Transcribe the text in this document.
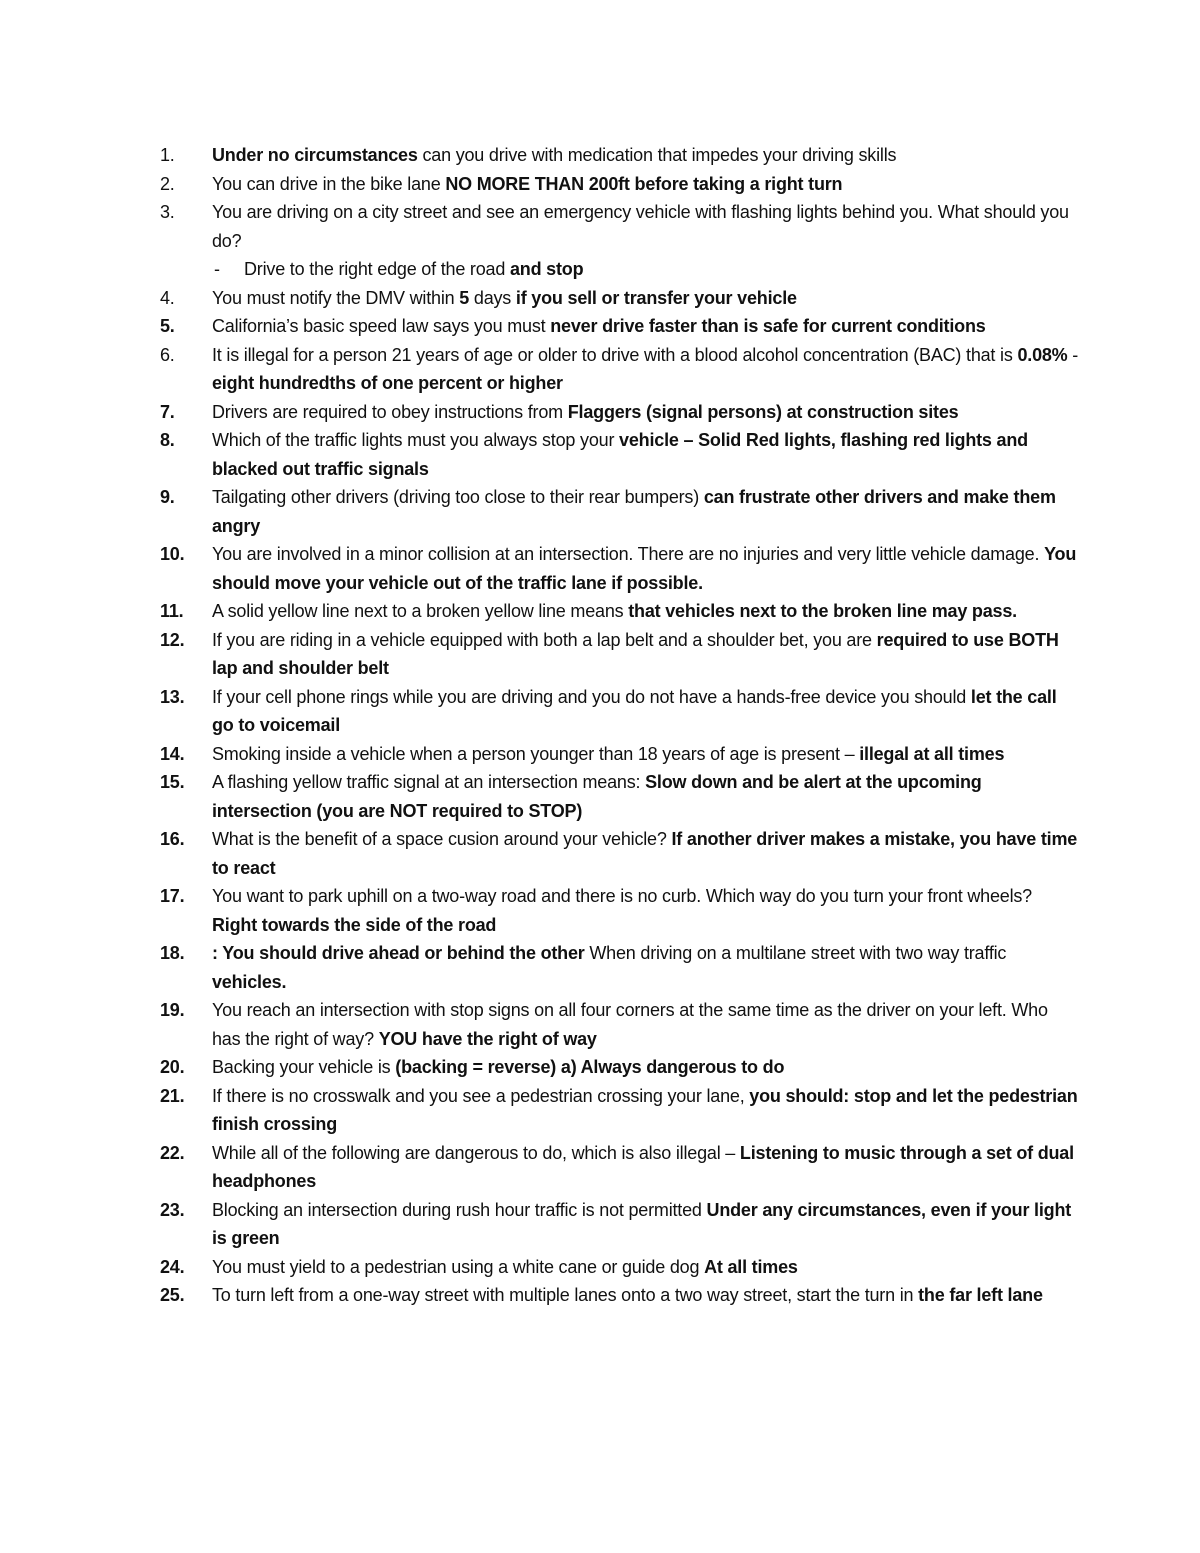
1.	Under no circumstances can you drive with medication that impedes your driving skills
2.	You can drive in the bike lane NO MORE THAN 200ft before taking a right turn
3.	You are driving on a city street and see an emergency vehicle with flashing lights behind you. What should you do?
-	Drive to the right edge of the road and stop
4.	You must notify the DMV within 5 days if you sell or transfer your vehicle
5.	California’s basic speed law says you must never drive faster than is safe for current conditions
6.	It is illegal for a person 21 years of age or older to drive with a blood alcohol concentration (BAC) that is 0.08% - eight hundredths of one percent or higher
7.	Drivers are required to obey instructions from Flaggers (signal persons) at construction sites
8.	Which of the traffic lights must you always stop your vehicle – Solid Red lights, flashing red lights and blacked out traffic signals
9.	Tailgating other drivers (driving too close to their rear bumpers) can frustrate other drivers and make them angry
10.	You are involved in a minor collision at an intersection. There are no injuries and very little vehicle damage. You should move your vehicle out of the traffic lane if possible.
11.	A solid yellow line next to a broken yellow line means that vehicles next to the broken line may pass.
12.	If you are riding in a vehicle equipped with both a lap belt and a shoulder bet, you are required to use BOTH lap and shoulder belt
13.	If your cell phone rings while you are driving and you do not have a hands-free device you should let the call go to voicemail
14.	Smoking inside a vehicle when a person younger than 18 years of age is present – illegal at all times
15.	A flashing yellow traffic signal at an intersection means: Slow down and be alert at the upcoming intersection (you are NOT required to STOP)
16.	What is the benefit of a space cusion around your vehicle? If another driver makes a mistake, you have time to react
17.	You want to park uphill on a two-way road and there is no curb. Which way do you turn your front wheels? Right towards the side of the road
18.	: You should drive ahead or behind the other When driving on a multilane street with two way traffic vehicles.
19.	You reach an intersection with stop signs on all four corners at the same time as the driver on your left. Who has the right of way? YOU have the right of way
20.	Backing your vehicle is (backing = reverse) a) Always dangerous to do
21.	If there is no crosswalk and you see a pedestrian crossing your lane, you should: stop and let the pedestrian finish crossing
22.	While all of the following are dangerous to do, which is also illegal – Listening to music through a set of dual headphones
23.	Blocking an intersection during rush hour traffic is not permitted Under any circumstances, even if your light is green
24.	You must yield to a pedestrian using a white cane or guide dog At all times
25.	To turn left from a one-way street with multiple lanes onto a two way street, start the turn in the far left lane
